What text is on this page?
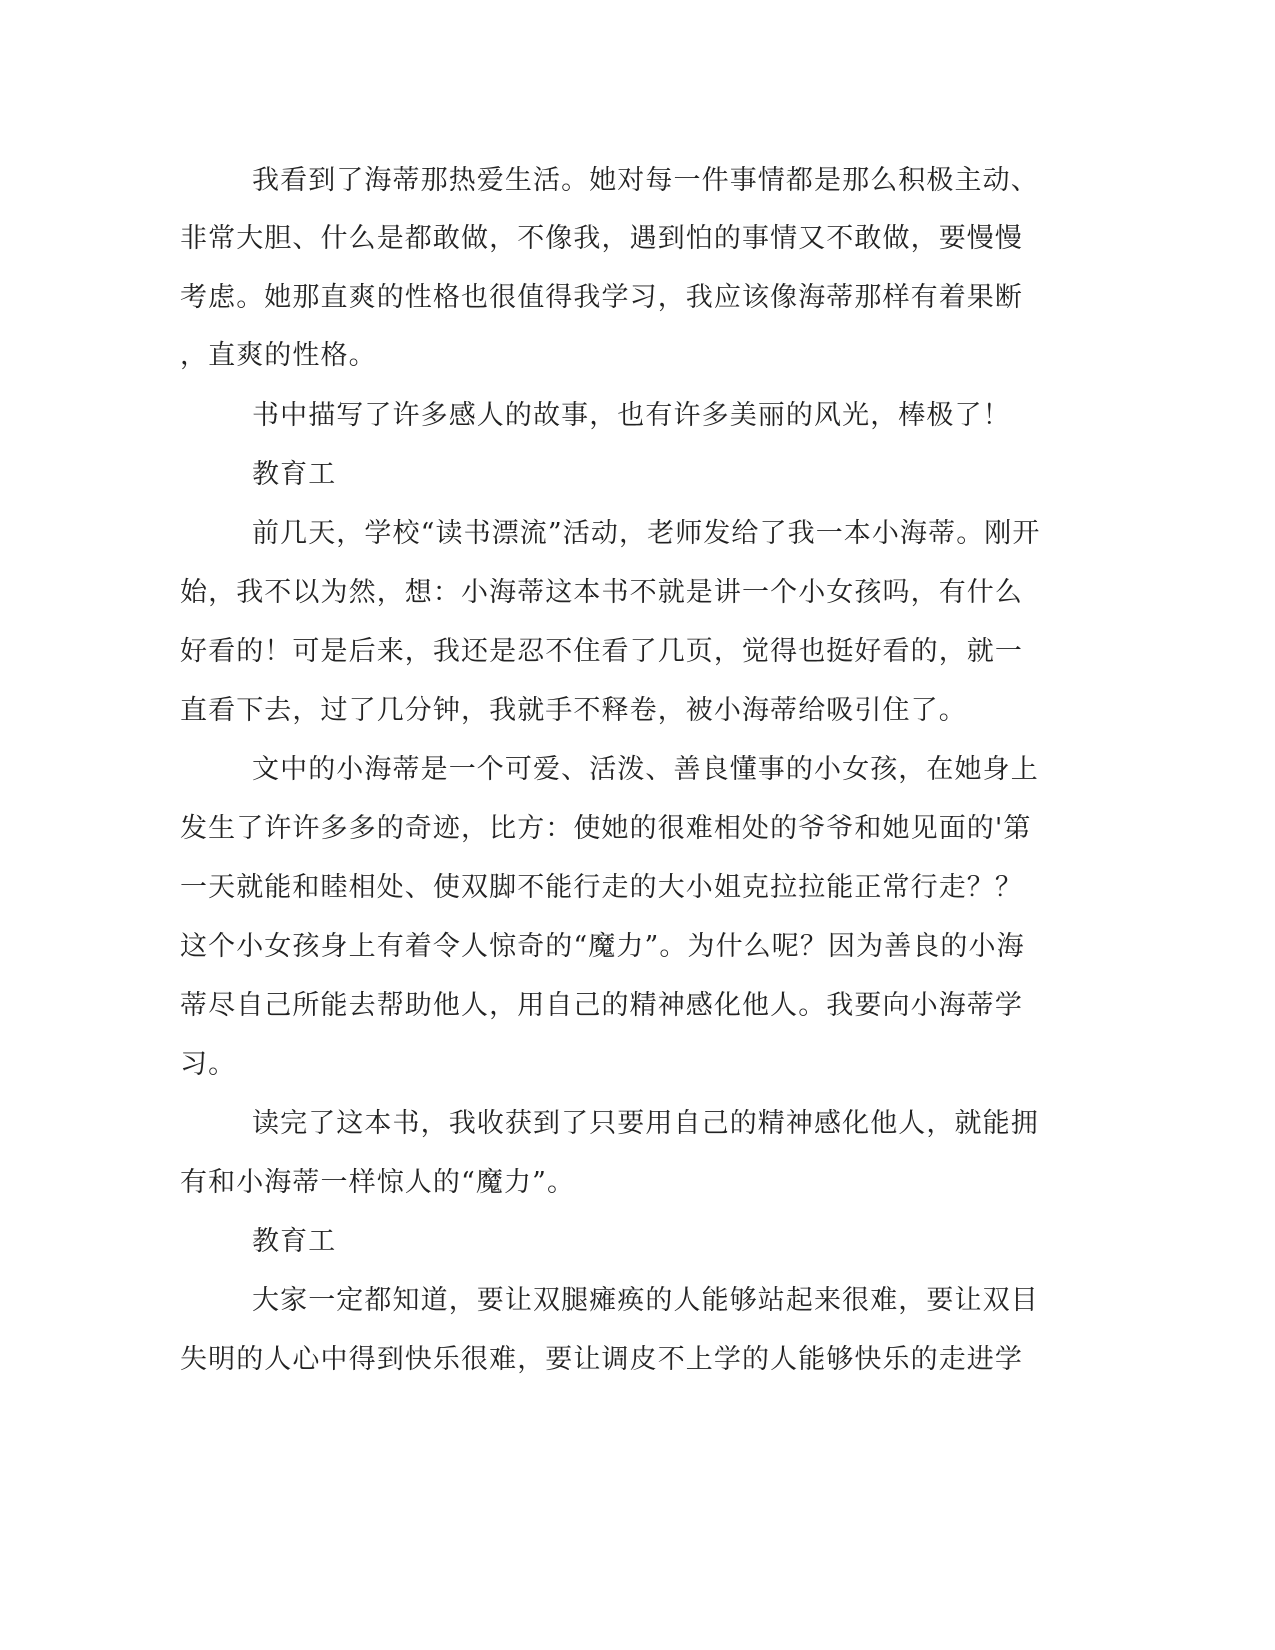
我看到了海蒂那热爱生活。她对每一件事情都是那么积极主动、
非常大胆、什么是都敢做，不像我，遇到怕的事情又不敢做，要慢慢
考虑。她那直爽的性格也很值得我学习，我应该像海蒂那样有着果断
，直爽的性格。
书中描写了许多感人的故事，也有许多美丽的风光，棒极了！
教育工
前几天，学校“读书漂流”活动，老师发给了我一本小海蒂。刚开
始，我不以为然，想：小海蒂这本书不就是讲一个小女孩吗，有什么
好看的！可是后来，我还是忍不住看了几页，觉得也挺好看的，就一
直看下去，过了几分钟，我就手不释卷，被小海蒂给吸引住了。
文中的小海蒂是一个可爱、活泼、善良懂事的小女孩，在她身上
发生了许许多多的奇迹，比方：使她的很难相处的爷爷和她见面的'第
一天就能和睦相处、使双脚不能行走的大小姐克拉拉能正常行走？？
这个小女孩身上有着令人惊奇的“魔力”。为什么呢？因为善良的小海
蒂尽自己所能去帮助他人，用自己的精神感化他人。我要向小海蒂学
习。
读完了这本书，我收获到了只要用自己的精神感化他人，就能拥
有和小海蒂一样惊人的“魔力”。
教育工
大家一定都知道，要让双腿瘫痪的人能够站起来很难，要让双目
失明的人心中得到快乐很难，要让调皮不上学的人能够快乐的走进学
